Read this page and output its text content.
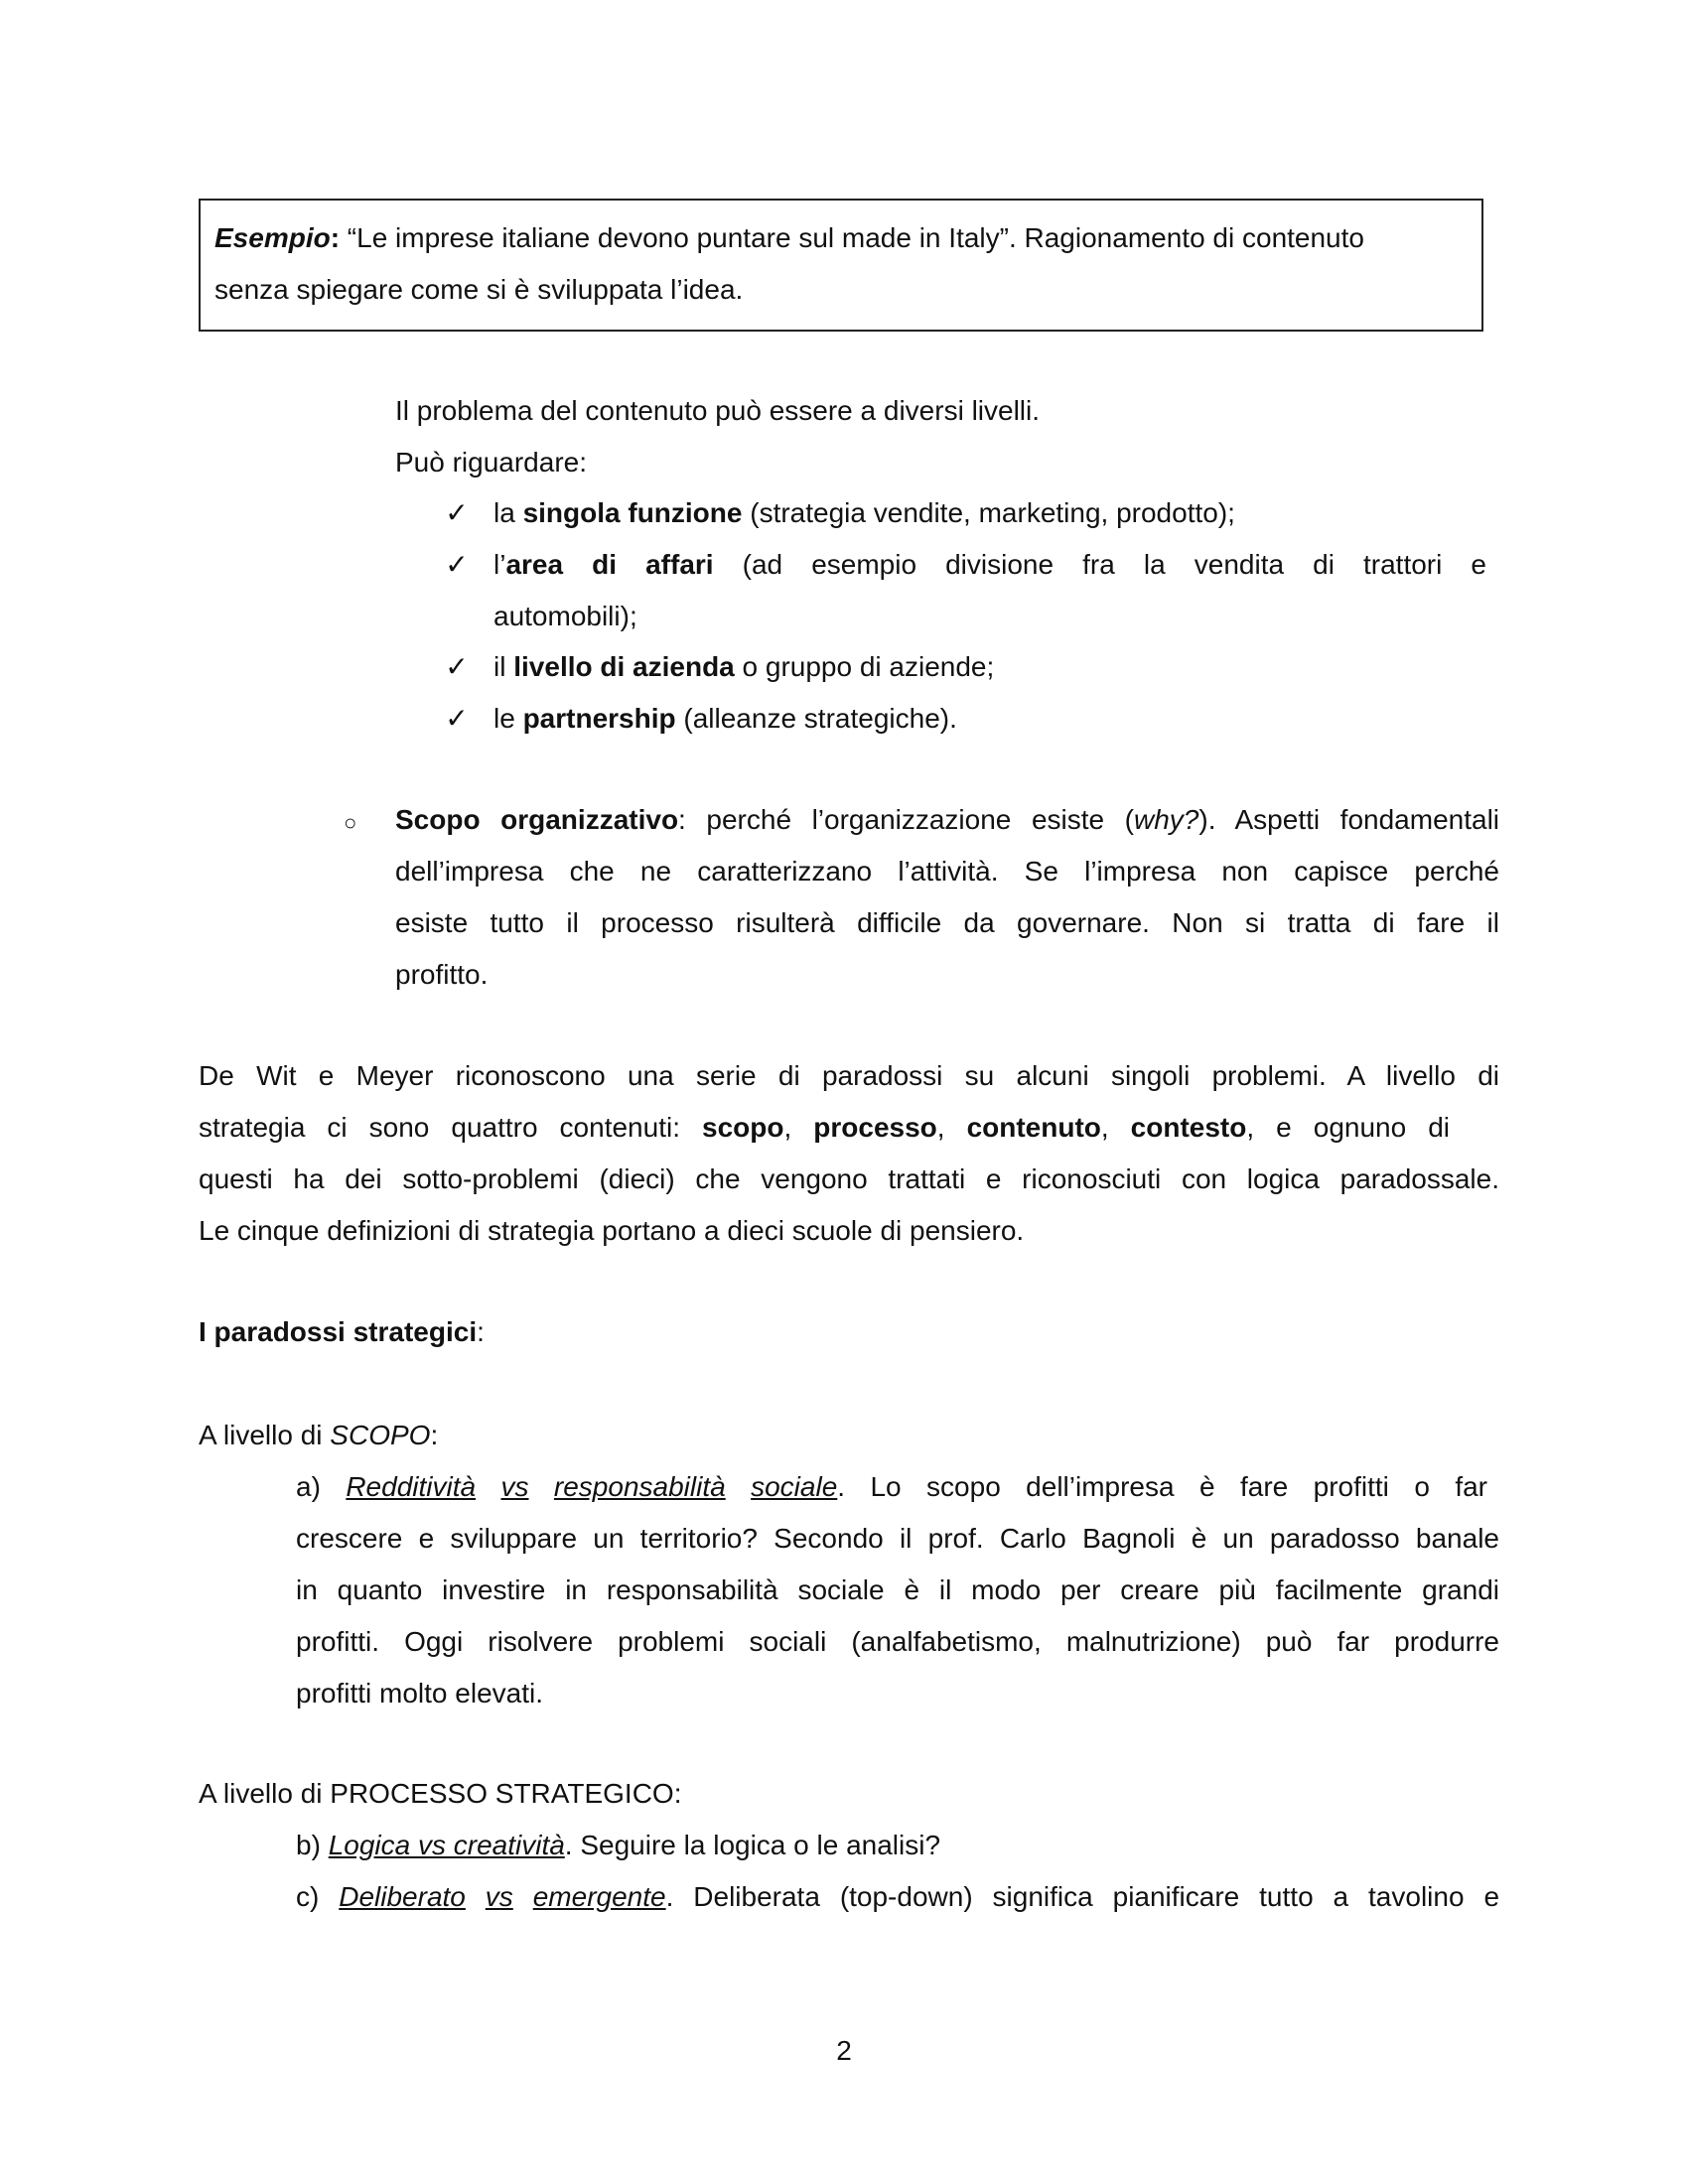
Esempio: “Le imprese italiane devono puntare sul made in Italy”. Ragionamento di contenuto
senza spiegare come si è sviluppata l’idea.
Il problema del contenuto può essere a diversi livelli.
Può riguardare:
✓ la singola funzione (strategia vendite, marketing, prodotto);
✓ l’area di affari (ad esempio divisione fra la vendita di trattori e
automobili);
✓ il livello di azienda o gruppo di aziende;
✓ le partnership (alleanze strategiche).
○ Scopo organizzativo: perché l’organizzazione esiste (why?). Aspetti fondamentali
dell’impresa che ne caratterizzano l’attività. Se l’impresa non capisce perché
esiste tutto il processo risulterà difficile da governare. Non si tratta di fare il
profitto.
De Wit e Meyer riconoscono una serie di paradossi su alcuni singoli problemi. A livello di
strategia ci sono quattro contenuti: scopo, processo, contenuto, contesto, e ognuno di
questi ha dei sotto-problemi (dieci) che vengono trattati e riconosciuti con logica paradossale.
Le cinque definizioni di strategia portano a dieci scuole di pensiero.
I paradossi strategici:
A livello di SCOPO:
a) Redditività vs responsabilità sociale. Lo scopo dell’impresa è fare profitti o far
crescere e sviluppare un territorio? Secondo il prof. Carlo Bagnoli è un paradosso banale
in quanto investire in responsabilità sociale è il modo per creare più facilmente grandi
profitti. Oggi risolvere problemi sociali (analfabetismo, malnutrizione) può far produrre
profitti molto elevati.
A livello di PROCESSO STRATEGICO:
b) Logica vs creatività. Seguire la logica o le analisi?
c) Deliberato vs emergente. Deliberata (top-down) significa pianificare tutto a tavolino e
2
